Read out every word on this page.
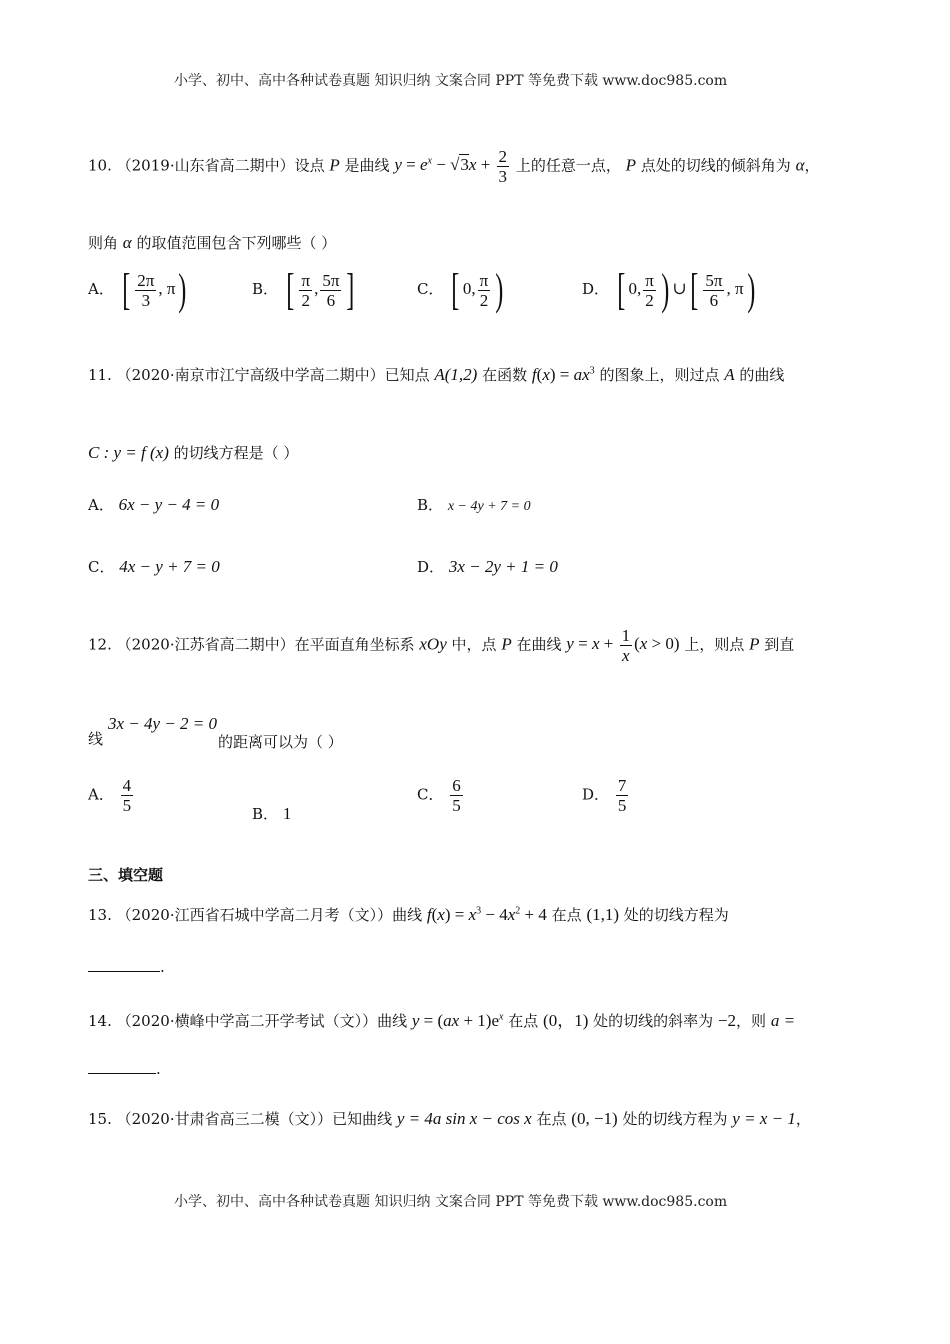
小学、初中、高中各种试卷真题 知识归纳 文案合同 PPT 等免费下载 www.doc985.com
10. （2019·山东省高二期中）设点 P 是曲线 $y = e^x - √3x + \frac{2}{3}$ 上的任意一点， P 点处的切线的倾斜角为 α，
则角 α 的取值范围包含下列哪些（ ）
A． [ $\frac{2\pi}{3}$ , π)	B． [ $\frac{\pi}{2}$ , $\frac{5\pi}{6}$ ]	C． [ 0, $\frac{\pi}{2}$ )	D． [ 0, $\frac{\pi}{2}$ ) ∪[ $\frac{5\pi}{6}$ , π)
11. （2020·南京市江宁高级中学高二期中）已知点 A(1,2) 在函数 $f(x) = ax^3$ 的图象上，则过点 A 的曲线
C : y = f (x) 的切线方程是（ ）
A． 6x − y − 4 = 0	B． x − 4y + 7 = 0
C． 4x − y + 7 = 0	D． 3x − 2y + 1 = 0
12. （2020·江苏省高二期中）在平面直角坐标系 xOy 中，点 P 在曲线 $y = x + \frac{1}{x} (x > 0)$ 上，则点 P 到直
线
3x − 4y − 2 = 0
的距离可以为（ ）
A． $\frac{4}{5}$	B． 1
C． $\frac{6}{5}$	D． $\frac{7}{5}$
三、填空题
13. （2020·江西省石城中学高二月考（文））曲线 $f(x) = x^3 - 4x^2 + 4$ 在点 (1,1) 处的切线方程为
.
14. （2020·横峰中学高二开学考试（文））曲线 $y = (ax + 1)e^x$ 在点 (0，1) 处的切线的斜率为 −2，则 a =
.
15. （2020·甘肃省高三二模（文））已知曲线 y = 4a sin x − cos x 在点 (0, −1) 处的切线方程为 y = x − 1，
小学、初中、高中各种试卷真题 知识归纳 文案合同 PPT 等免费下载 www.doc985.com
